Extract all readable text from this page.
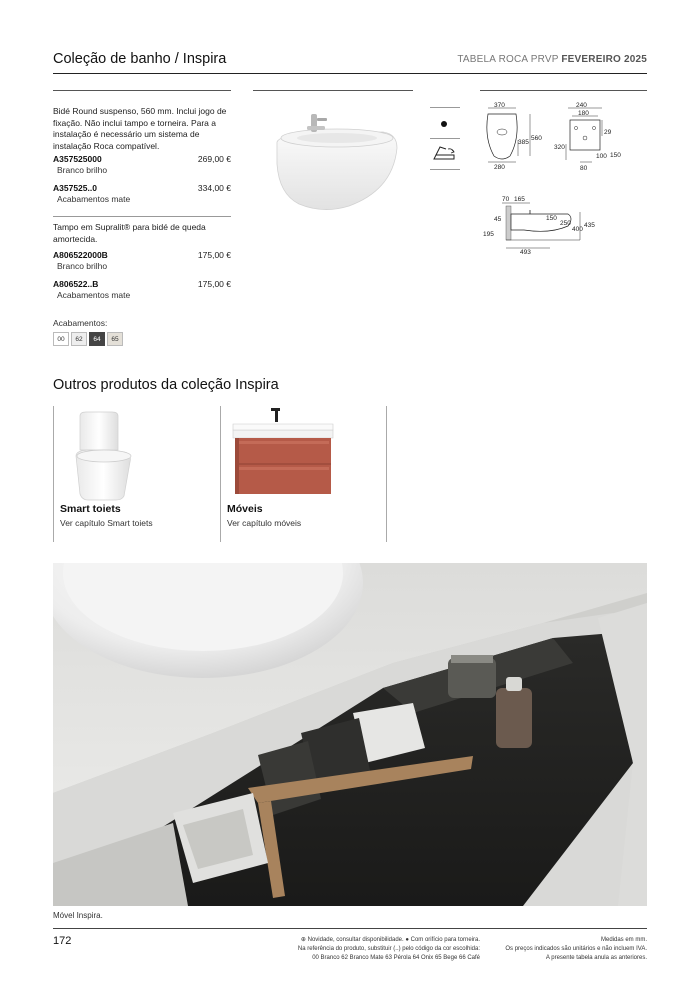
Coleção de banho / Inspira	TABELA ROCA PRVP FEVEREIRO 2025
Bidé Round suspenso, 560 mm. Inclui jogo de fixação. Não inclui tampo e torneira. Para a instalação é necessário um sistema de instalação Roca compatível.
A357525000	269,00 €
Branco brilho
A357525..0	334,00 €
Acabamentos mate
Tampo em Supralit® para bidé de queda amortecida.
A806522000B	175,00 €
Branco brilho
A806522..B	175,00 €
Acabamentos mate
Acabamentos:
00	62	64	65
370
385
560
280
240
180
29
320
100 150
80
70 165
45	150
250
400
435
195
493
Outros produtos da coleção Inspira
Smart toiets
Ver capítulo Smart toiets
Móveis
Ver capítulo móveis
Móvel Inspira.
172	⊕ Novidade, consultar disponibilidade. ● Com orifício para torneira.
Na referência do produto, substituir (..) pelo código da cor escolhida:
00 Branco 62 Branco Mate 63 Pérola 64 Onix 65 Bege 66 Café
Medidas em mm.
Os preços indicados são unitários e não incluem IVA.
A presente tabela anula as anteriores.
